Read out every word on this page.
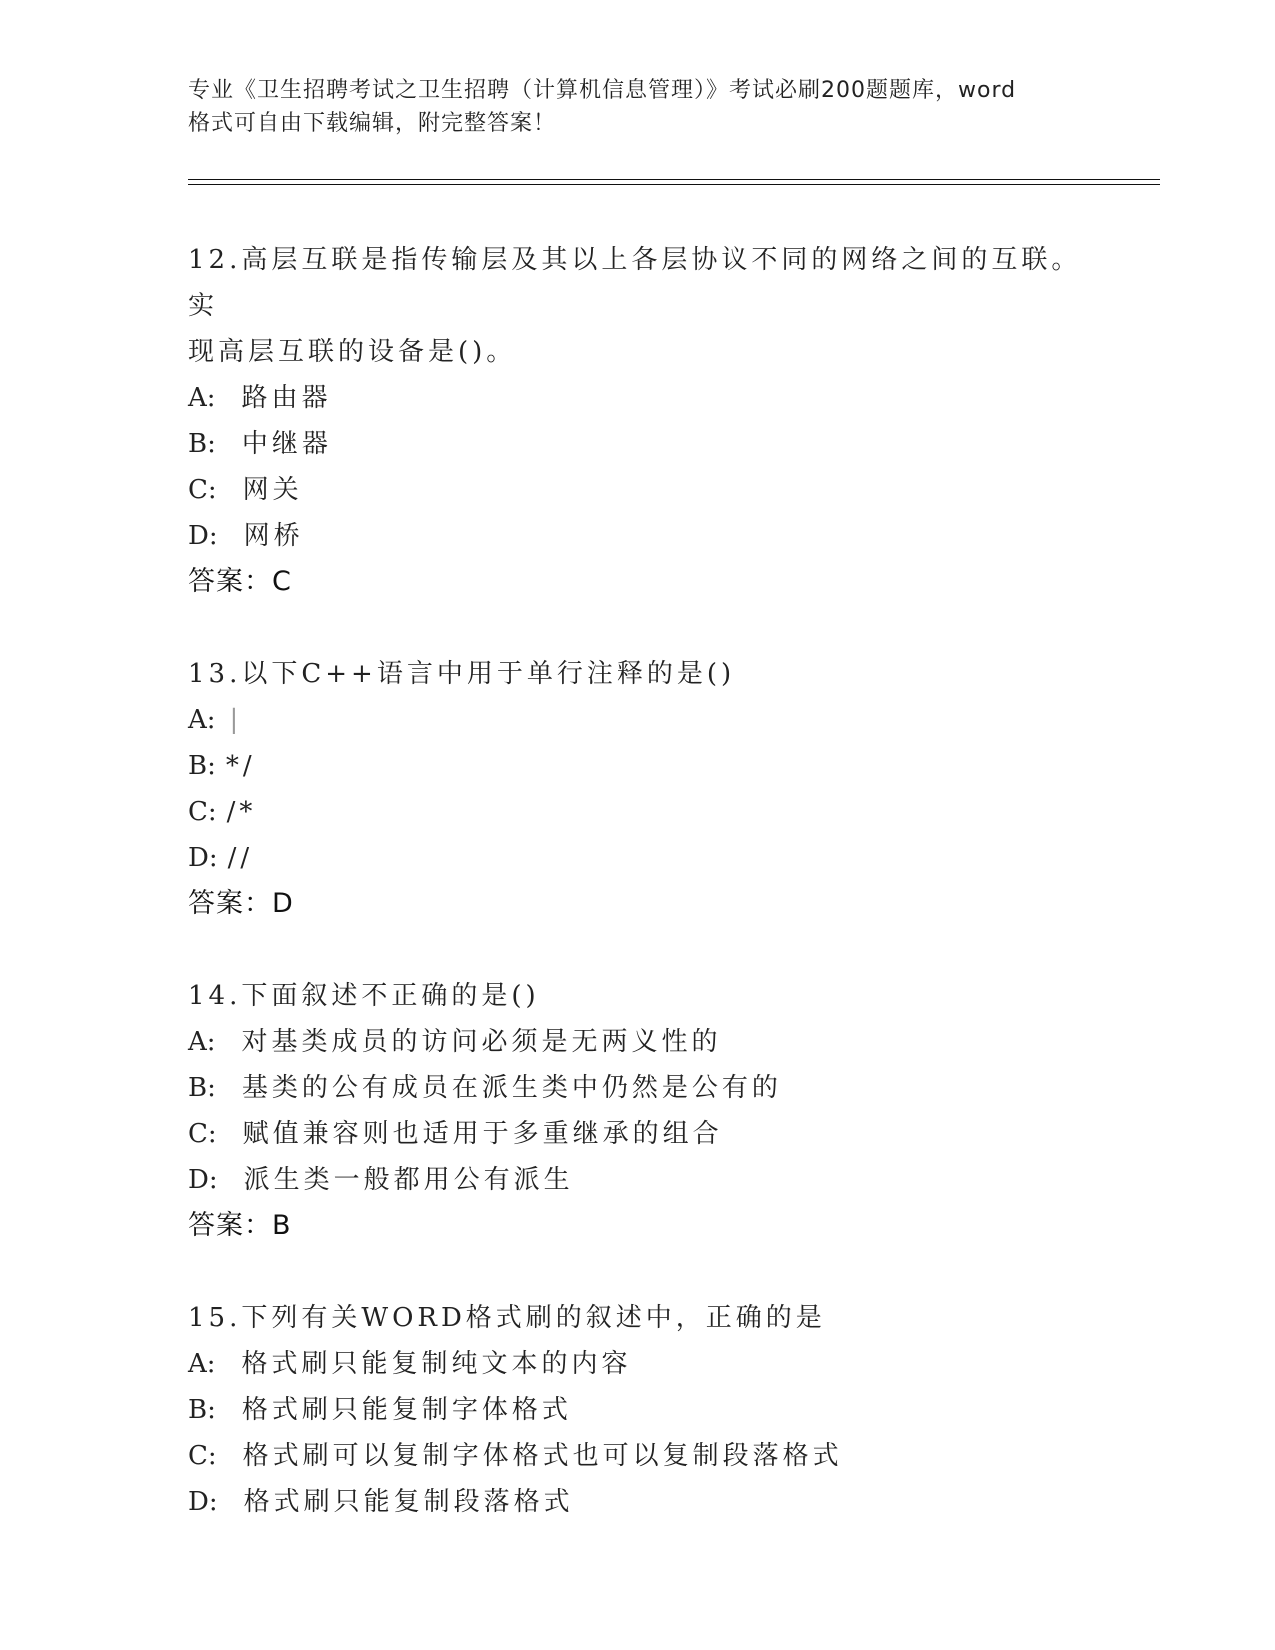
专业《卫生招聘考试之卫生招聘（计算机信息管理）》考试必刷200题题库，word
格式可自由下载编辑，附完整答案！

12.高层互联是指传输层及其以上各层协议不同的网络之间的互联。实
现高层互联的设备是()。

A: 路由器

B: 中继器

C: 网关

D: 网桥

答案：C

13.以下C++语言中用于单行注释的是()

A: |

B: */

C: /*

D: //

答案：D

14.下面叙述不正确的是()

A: 对基类成员的访问必须是无两义性的

B: 基类的公有成员在派生类中仍然是公有的

C: 赋值兼容则也适用于多重继承的组合

D: 派生类一般都用公有派生

答案：B

15.下列有关WORD格式刷的叙述中，正确的是

A: 格式刷只能复制纯文本的内容

B: 格式刷只能复制字体格式

C: 格式刷可以复制字体格式也可以复制段落格式

D: 格式刷只能复制段落格式
